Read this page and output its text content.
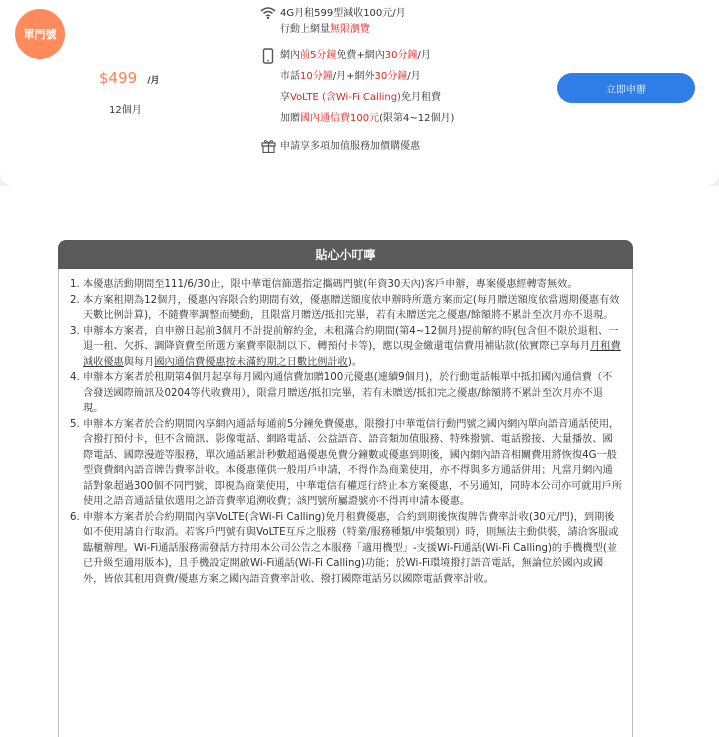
單門號
$499 /月
12個月
4G月租599型減收100元/月
行動上網量無限瀏覽
網內前5分鐘免費+網內30分鐘/月
市話10分鐘/月+網外30分鐘/月
享VoLTE (含Wi-Fi Calling)免月租費
加贈國內通信費100元(限第4~12個月)
申請享多項加值服務加價購優惠
立即申辦
貼心小叮嚀
1. 本優惠活動期間至111/6/30止，限中華電信篩選指定攜碼門號(年資30天內)客戶申辦，專案優惠經轉寄無效。
2. 本方案租期為12個月，優惠內容限合約期間有效，優惠贈送額度依申辦時所選方案而定(每月贈送額度依當週期優惠有效天數比例計算)，不隨費率調整而變動，且限當月贈送/抵扣完畢，若有未贈送完之優惠/餘額將不累計至次月亦不退現。
3. 申辦本方案者，自申辦日起前3個月不計提前解約金，未租滿合約期間(第4~12個月)提前解約時(包含但不限於退租、一退一租、欠拆、調降資費至所選方案費率限制以下、轉預付卡等)，應以現金繳還電信費用補貼款(依實際已享每月月租費減收優惠與每月國內通信費優惠按未滿約期之日數比例計收)。
4. 申辦本方案者於租期第4個月起享每月國內通信費加贈100元優惠(連續9個月)，於行動電話帳單中抵扣國內通信費（不含發送國際簡訊及0204等代收費用），限當月贈送/抵扣完畢，若有未贈送/抵扣完之優惠/餘額將不累計至次月亦不退現。
5. 申辦本方案者於合約期間內享網內通話每通前5分鐘免費優惠，限撥打中華電信行動門號之國內網內單向語音通話使用，含撥打預付卡，但不含簡訊、影像電話、網路電話、公益語音、語音類加值服務、特殊撥號、電話撥接、大量播放、國際電話、國際漫遊等服務，單次通話累計秒數超過優惠免費分鐘數或優惠到期後，國內網內語音相關費用將恢復4G一般型資費網內語音牌告費率計收。本優惠僅供一般用戶申請，不得作為商業使用，亦不得與多方通話併用；凡當月網內通話對象超過300個不同門號，即視為商業使用，中華電信有權逕行終止本方案優惠，不另通知，同時本公司亦可就用戶所使用之語音通話量依選用之語音費率追溯收費；該門號所屬證號亦不得再申請本優惠。
6. 申辦本方案者於合約期間內享VoLTE(含Wi-Fi Calling)免月租費優惠，合約到期後恢復牌告費率計收(30元/門)，到期後如不使用請自行取消。若客戶門號有與VoLTE互斥之服務（特業/服務種類/申裝類別）時，則無法主動供裝，請洽客服或臨櫃辦理。Wi-Fi通話服務需發話方持用本公司公告之本服務「適用機型」-支援Wi-Fi通話(Wi-Fi Calling)的手機機型(並已升級至適用版本)，且手機設定開啟Wi-Fi通話(Wi-Fi Calling)功能；於Wi-Fi環境撥打語音電話，無論位於國內或國外，皆依其租用資費/優惠方案之國內語音費率計收、撥打國際電話另以國際電話費率計收。
